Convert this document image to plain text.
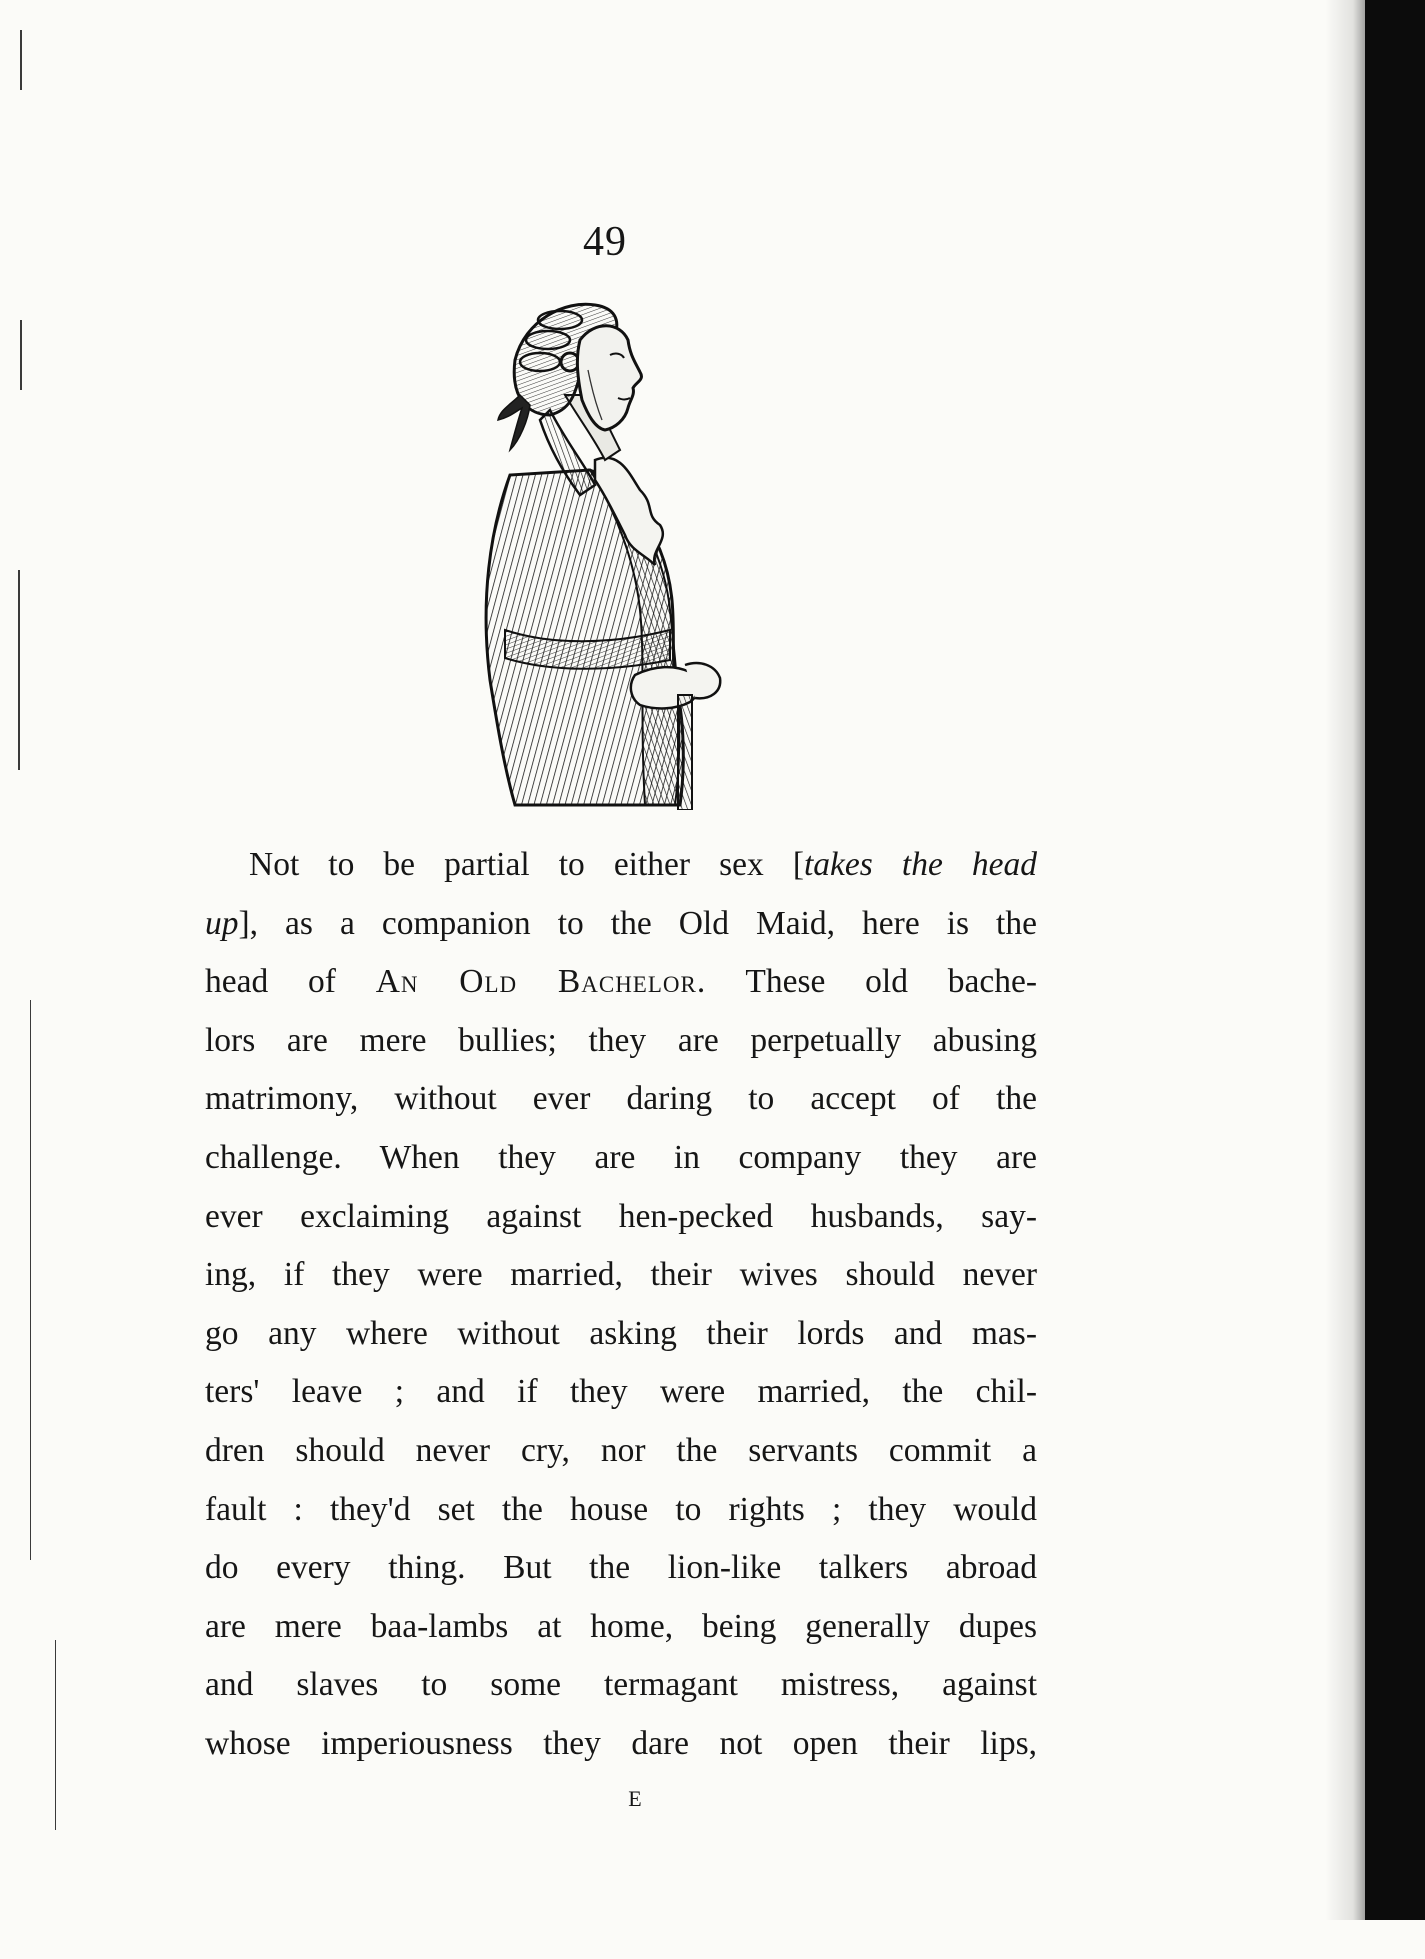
49
Not to be partial to either sex [takes the head
up], as a companion to the Old Maid, here is the
head of An Old Bachelor. These old bache-
lors are mere bullies; they are perpetually abusing
matrimony, without ever daring to accept of the
challenge. When they are in company they are
ever exclaiming against hen-pecked husbands, say-
ing, if they were married, their wives should never
go any where without asking their lords and mas-
ters' leave ; and if they were married, the chil-
dren should never cry, nor the servants commit a
fault : they'd set the house to rights ; they would
do every thing. But the lion-like talkers abroad
are mere baa-lambs at home, being generally dupes
and slaves to some termagant mistress, against
whose imperiousness they dare not open their lips,
E
